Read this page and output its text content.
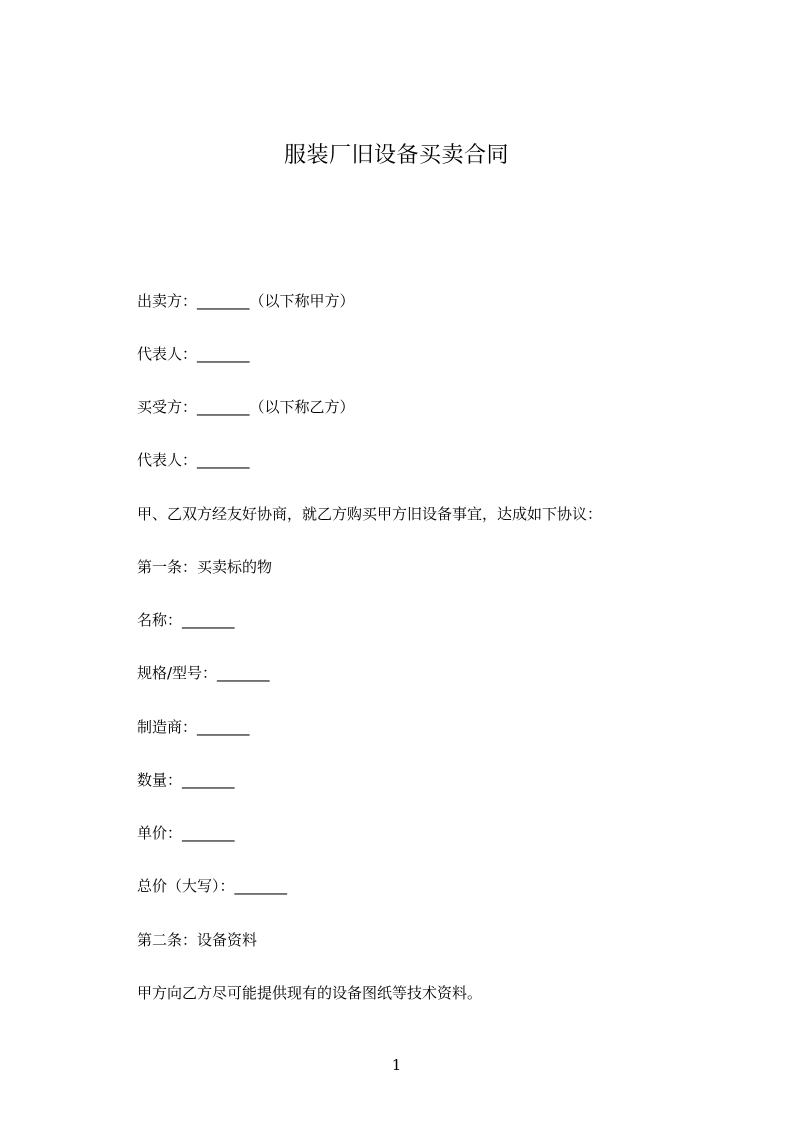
服装厂旧设备买卖合同
出卖方：_______（以下称甲方）
代表人：_______
买受方：_______（以下称乙方）
代表人：_______
甲、乙双方经友好协商，就乙方购买甲方旧设备事宜，达成如下协议：
第一条：买卖标的物
名称：_______
规格/型号：_______
制造商：_______
数量：_______
单价：_______
总价（大写）：_______
第二条：设备资料
甲方向乙方尽可能提供现有的设备图纸等技术资料。
1
